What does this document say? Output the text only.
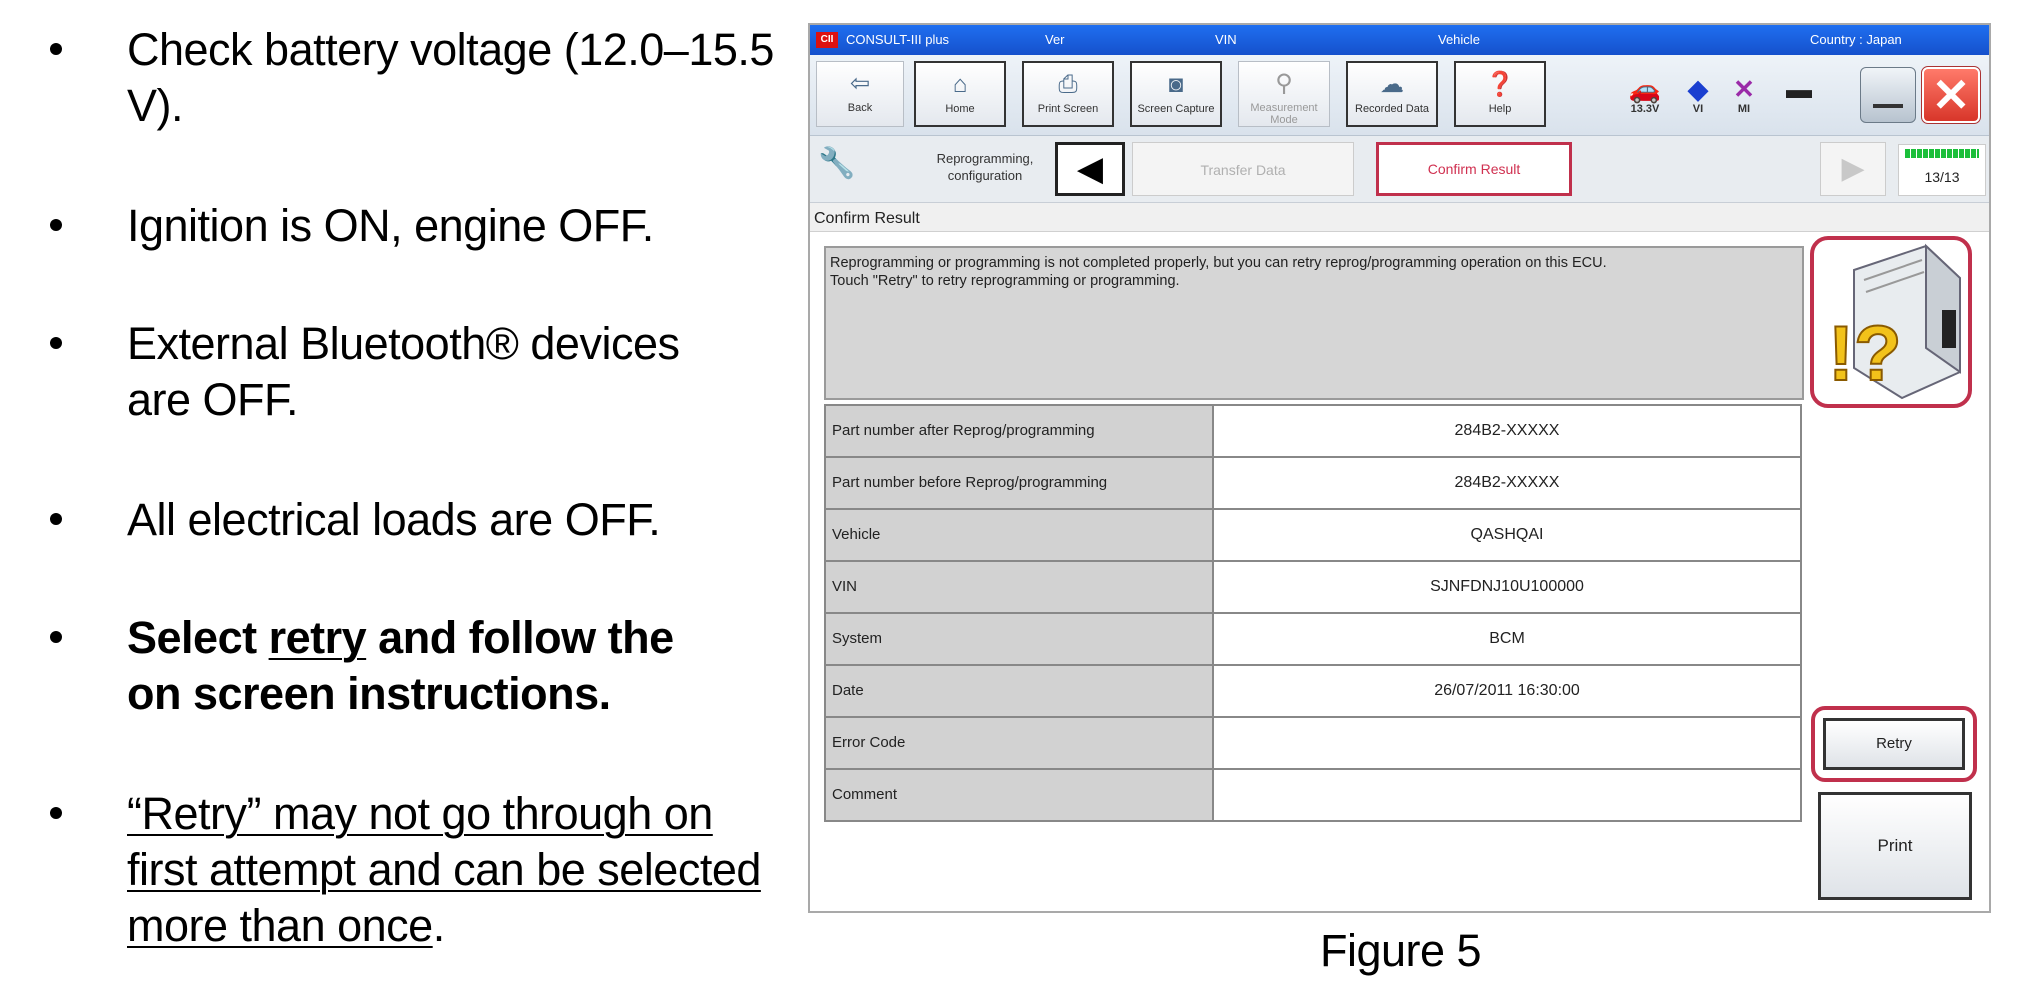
Check battery voltage (12.0–15.5 V).
Ignition is ON, engine OFF.
External Bluetooth® devices are OFF.
All electrical loads are OFF.
Select retry and follow the on screen instructions.
“Retry” may not go through on first attempt and can be selected more than once.
CII CONSULT-III plus	Ver	VIN	Vehicle	Country : Japan
⇦
Back
⌂
Home
⎙
Print Screen
◙
Screen Capture
⚲
Measurement Mode
☁
Recorded Data
❓
Help
🚗
13.3V
◆
VI
✕
MI
▬	✕
🔧	Reprogramming, configuration	◀	Transfer Data	Confirm Result	▶	13/13
Confirm Result
Reprogramming or programming is not completed properly, but you can retry reprog/programming operation on this ECU.
Touch "Retry" to retry reprogramming or programming.
!?
Part number after Reprog/programming	284B2-XXXXX
Part number before Reprog/programming	284B2-XXXXX
Vehicle	QASHQAI
VIN	SJNFDNJ10U100000
System	BCM
Date	26/07/2011 16:30:00
Error Code	
Comment	
Retry
Print
Figure 5
